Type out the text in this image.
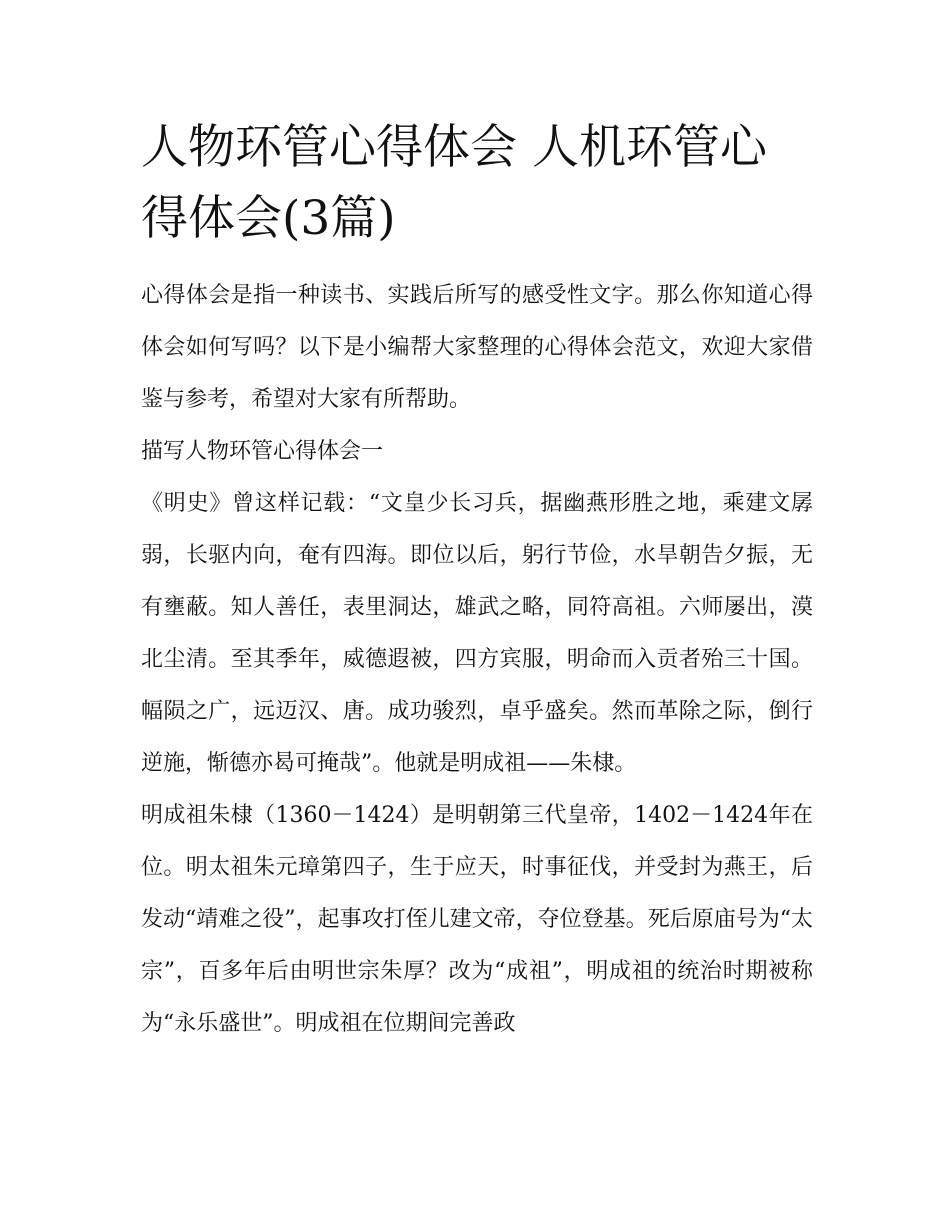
人物环管心得体会 人机环管心得体会(3篇)

心得体会是指一种读书、实践后所写的感受性文字。那么你知道心得体会如何写吗？以下是小编帮大家整理的心得体会范文，欢迎大家借鉴与参考，希望对大家有所帮助。

描写人物环管心得体会一

《明史》曾这样记载：“文皇少长习兵，据幽燕形胜之地，乘建文孱弱，长驱内向，奄有四海。即位以后，躬行节俭，水旱朝告夕振，无有壅蔽。知人善任，表里洞达，雄武之略，同符高祖。六师屡出，漠北尘清。至其季年，威德遐被，四方宾服，明命而入贡者殆三十国。幅陨之广，远迈汉、唐。成功骏烈，卓乎盛矣。然而革除之际，倒行逆施，惭德亦曷可掩哉”。他就是明成祖——朱棣。

明成祖朱棣（1360－1424）是明朝第三代皇帝，1402－1424年在位。明太祖朱元璋第四子，生于应天，时事征伐，并受封为燕王，后发动“靖难之役”，起事攻打侄儿建文帝，夺位登基。死后原庙号为“太宗”，百多年后由明世宗朱厚？改为“成祖”，明成祖的统治时期被称为“永乐盛世”。明成祖在位期间完善政
